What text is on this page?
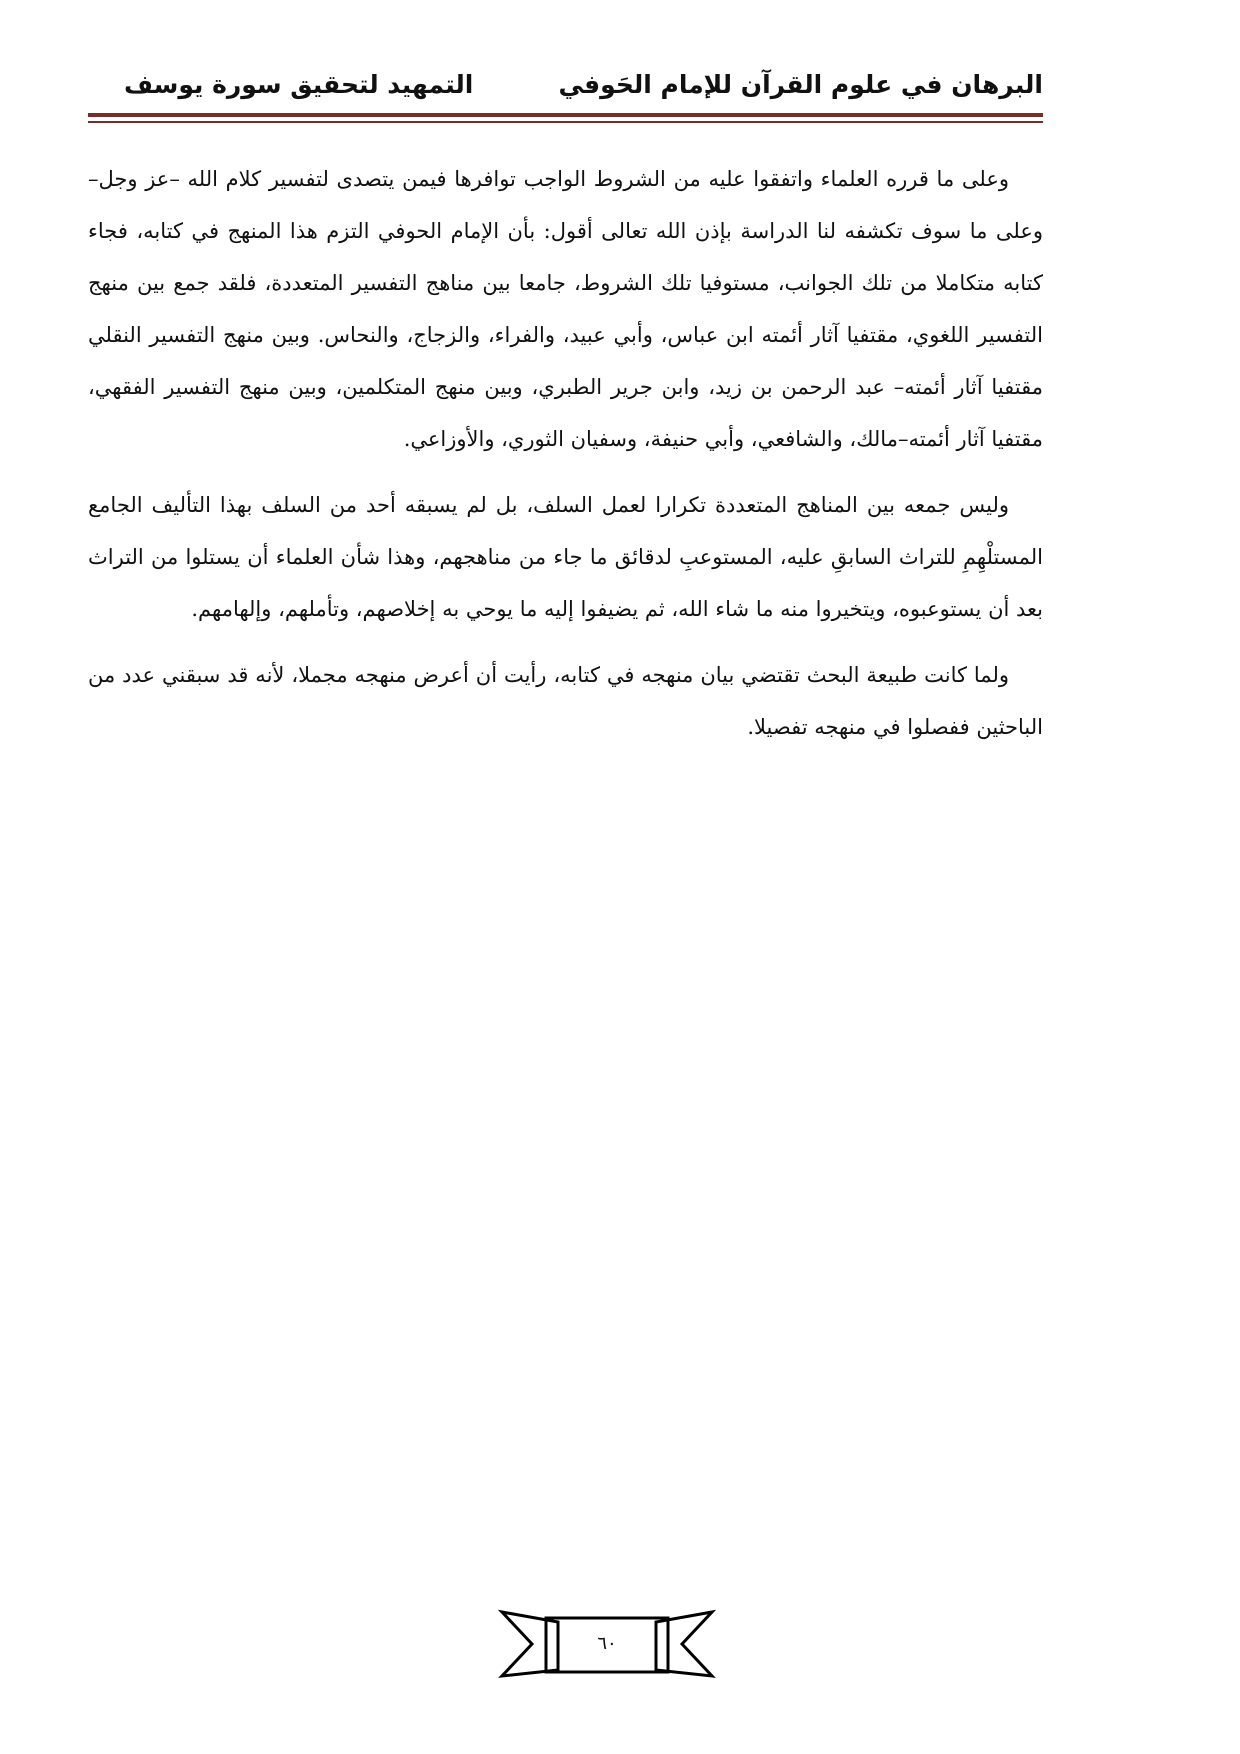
البرهان في علوم القرآن للإمام الحَوفي
التمهيد لتحقيق سورة يوسف

وعلى ما قرره العلماء واتفقوا عليه من الشروط الواجب توافرها فيمن يتصدى لتفسير كلام الله –عز وجل– وعلى ما سوف تكشفه لنا الدراسة بإذن الله تعالى أقول: بأن الإمام الحوفي التزم هذا المنهج في كتابه، فجاء كتابه متكاملا من تلك الجوانب، مستوفيا تلك الشروط، جامعا بين مناهج التفسير المتعددة، فلقد جمع بين منهج التفسير اللغوي، مقتفيا آثار أئمته ابن عباس، وأبي عبيد، والفراء، والزجاج، والنحاس. وبين منهج التفسير النقلي مقتفيا آثار أئمته– عبد الرحمن بن زيد، وابن جرير الطبري، وبين منهج المتكلمين، وبين منهج التفسير الفقهي، مقتفيا آثار أئمته–مالك، والشافعي، وأبي حنيفة، وسفيان الثوري، والأوزاعي.

وليس جمعه بين المناهج المتعددة تكرارا لعمل السلف، بل لم يسبقه أحد من السلف بهذا التأليف الجامع المستلْهِمِ للتراث السابقِ عليه، المستوعبِ لدقائق ما جاء من مناهجهم، وهذا شأن العلماء أن يستلوا من التراث بعد أن يستوعبوه، ويتخيروا منه ما شاء الله، ثم يضيفوا إليه ما يوحي به إخلاصهم، وتأملهم، وإلهامهم.

ولما كانت طبيعة البحث تقتضي بيان منهجه في كتابه، رأيت أن أعرض منهجه مجملا، لأنه قد سبقني عدد من الباحثين ففصلوا في منهجه تفصيلا.

٦٠
